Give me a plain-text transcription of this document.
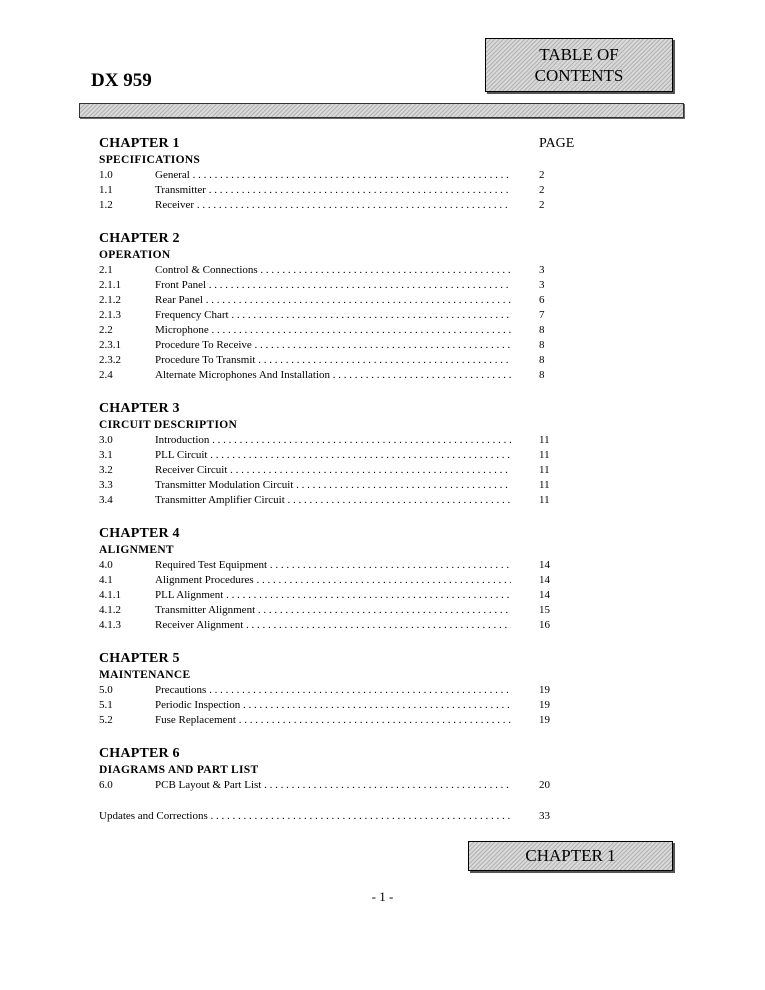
DX 959
TABLE OF
CONTENTS
PAGE
CHAPTER 1
SPECIFICATIONS
1.0	General . . .	2
1.1	Transmitter . . .	2
1.2	Receiver . . .	2
CHAPTER 2
OPERATION
2.1	Control & Connections . . .	3
2.1.1	Front Panel . . .	3
2.1.2	Rear Panel . . .	6
2.1.3	Frequency Chart . . .	7
2.2	Microphone . . .	8
2.3.1	Procedure To Receive . . .	8
2.3.2	Procedure To Transmit . . .	8
2.4	Alternate Microphones And Installation . . .	8
CHAPTER 3
CIRCUIT DESCRIPTION
3.0	Introduction . . .	11
3.1	PLL Circuit . . .	11
3.2	Receiver Circuit . . .	11
3.3	Transmitter Modulation Circuit . . .	11
3.4	Transmitter Amplifier Circuit . . .	11
CHAPTER 4
ALIGNMENT
4.0	Required Test Equipment . . .	14
4.1	Alignment Procedures . . .	14
4.1.1	PLL Alignment . . .	14
4.1.2	Transmitter Alignment . . .	15
4.1.3	Receiver Alignment . . .	16
CHAPTER 5
MAINTENANCE
5.0	Precautions . . .	19
5.1	Periodic Inspection . . .	19
5.2	Fuse Replacement . . .	19
CHAPTER 6
DIAGRAMS AND PART LIST
6.0	PCB Layout & Part List . . .	20
Updates and Corrections . . .	33
CHAPTER 1
- 1 -
